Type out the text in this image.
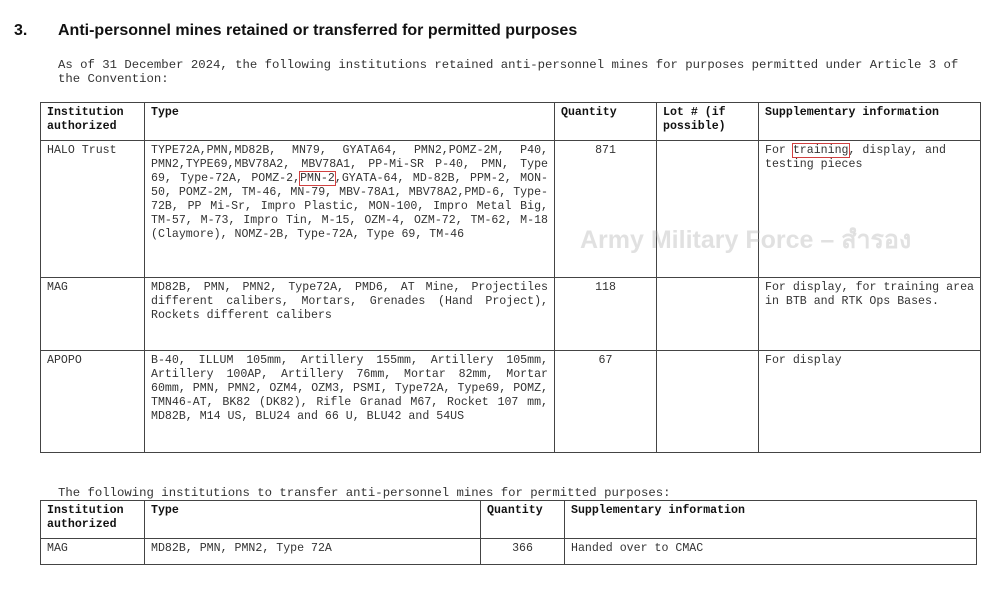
3. Anti-personnel mines retained or transferred for permitted purposes
As of 31 December 2024, the following institutions retained anti-personnel mines for purposes permitted under Article 3 of the Convention:
Institution authorized	Type	Quantity	Lot # (if possible)	Supplementary information
HALO Trust	TYPE72A,PMN,MD82B, MN79, GYATA64, PMN2,POMZ-2M, P40, PMN2,TYPE69,MBV78A2, MBV78A1, PP-Mi-SR P-40, PMN, Type 69, Type-72A, POMZ-2,PMN-2,GYATA-64, MD-82B, PPM-2, MON-50, POMZ-2M, TM-46, MN-79, MBV-78A1, MBV78A2,PMD-6, Type-72B, PP Mi-Sr, Impro Plastic, MON-100, Impro Metal Big, TM-57, M-73, Impro Tin, M-15, OZM-4, OZM-72, TM-62, M-18 (Claymore), NOMZ-2B, Type-72A, Type 69, TM-46	871		For training, display, and testing pieces
MAG	MD82B, PMN, PMN2, Type72A, PMD6, AT Mine, Projectiles different calibers, Mortars, Grenades (Hand Project), Rockets different calibers	118		For display, for training area in BTB and RTK Ops Bases.
APOPO	B-40, ILLUM 105mm, Artillery 155mm, Artillery 105mm, Artillery 100AP, Artillery 76mm, Mortar 82mm, Mortar 60mm, PMN, PMN2, OZM4, OZM3, PSMI, Type72A, Type69, POMZ, TMN46-AT, BK82 (DK82), Rifle Granad M67, Rocket 107 mm, MD82B, M14 US, BLU24 and 66 U, BLU42 and 54US	67		For display
Army Military Force – สำรอง
The following institutions to transfer anti-personnel mines for permitted purposes:
Institution authorized	Type	Quantity	Supplementary information
MAG	MD82B, PMN, PMN2, Type 72A	366	Handed over to CMAC
